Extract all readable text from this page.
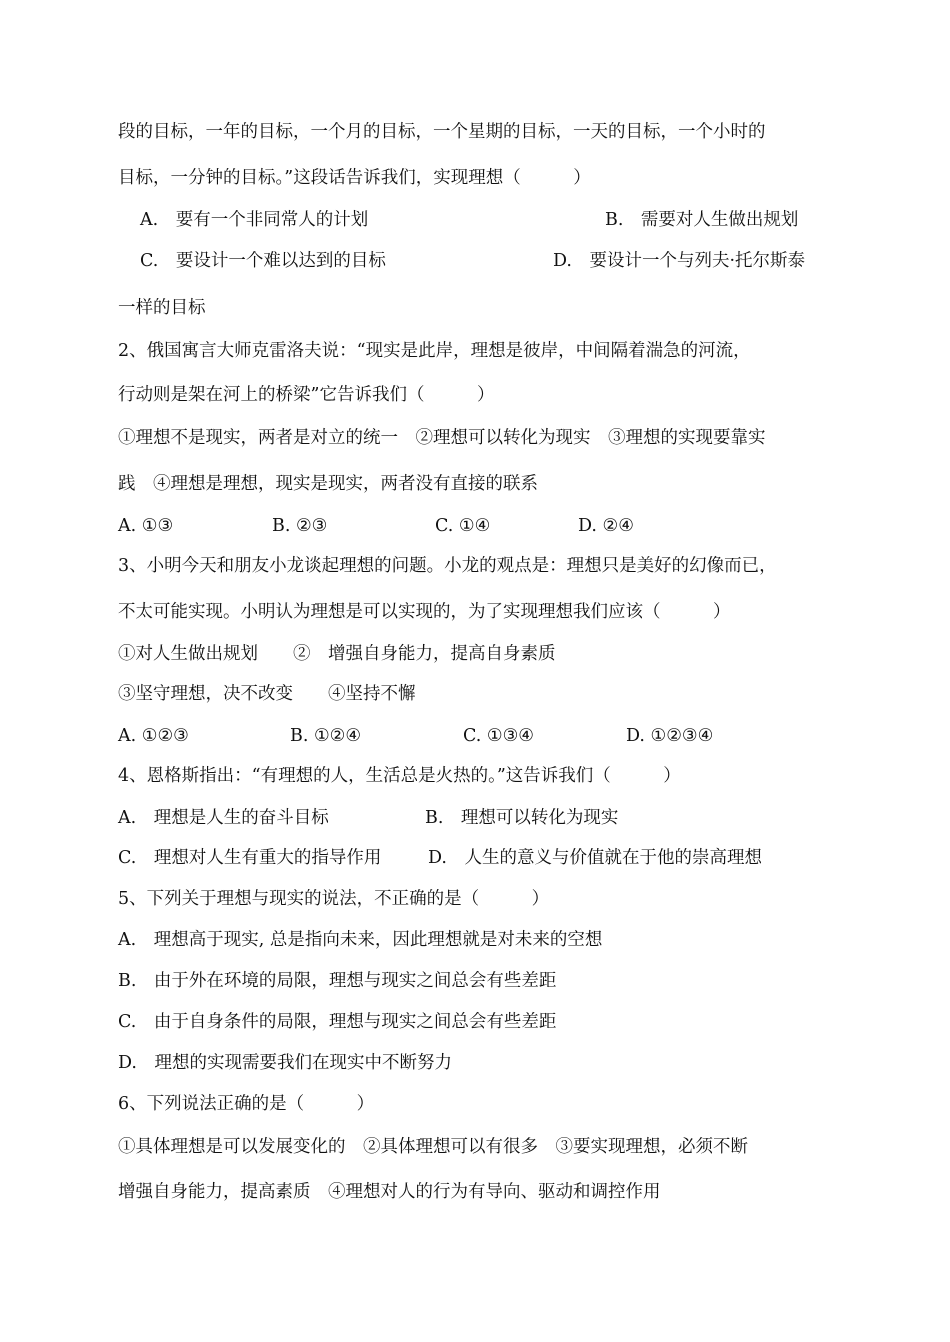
段的目标，一年的目标，一个月的目标，一个星期的目标，一天的目标，一个小时的
目标，一分钟的目标。”这段话告诉我们，实现理想（　　　）
A.　要有一个非同常人的计划	B.　需要对人生做出规划
C.　要设计一个难以达到的目标	D.　要设计一个与列夫·托尔斯泰
一样的目标
2、俄国寓言大师克雷洛夫说：“现实是此岸，理想是彼岸，中间隔着湍急的河流，
行动则是架在河上的桥梁”它告诉我们（　　　）
①理想不是现实，两者是对立的统一　②理想可以转化为现实　③理想的实现要靠实
践　④理想是理想，现实是现实，两者没有直接的联系
A. ①③	B. ②③	C. ①④	D. ②④
3、小明今天和朋友小龙谈起理想的问题。小龙的观点是：理想只是美好的幻像而已，
不太可能实现。小明认为理想是可以实现的，为了实现理想我们应该（　　　）
①对人生做出规划　　②　增强自身能力，提高自身素质
③坚守理想，决不改变　　④坚持不懈
A. ①②③	B. ①②④	C. ①③④	D. ①②③④
4、恩格斯指出：“有理想的人，生活总是火热的。”这告诉我们（　　　）
A.　理想是人生的奋斗目标	B.　理想可以转化为现实
C.　理想对人生有重大的指导作用	D.　人生的意义与价值就在于他的崇高理想
5、下列关于理想与现实的说法，不正确的是（　　　）
A.　理想高于现实, 总是指向未来，因此理想就是对未来的空想
B.　由于外在环境的局限，理想与现实之间总会有些差距
C.　由于自身条件的局限，理想与现实之间总会有些差距
D.　理想的实现需要我们在现实中不断努力
6、下列说法正确的是（　　　）
①具体理想是可以发展变化的　②具体理想可以有很多　③要实现理想，必须不断
增强自身能力，提高素质　④理想对人的行为有导向、驱动和调控作用
